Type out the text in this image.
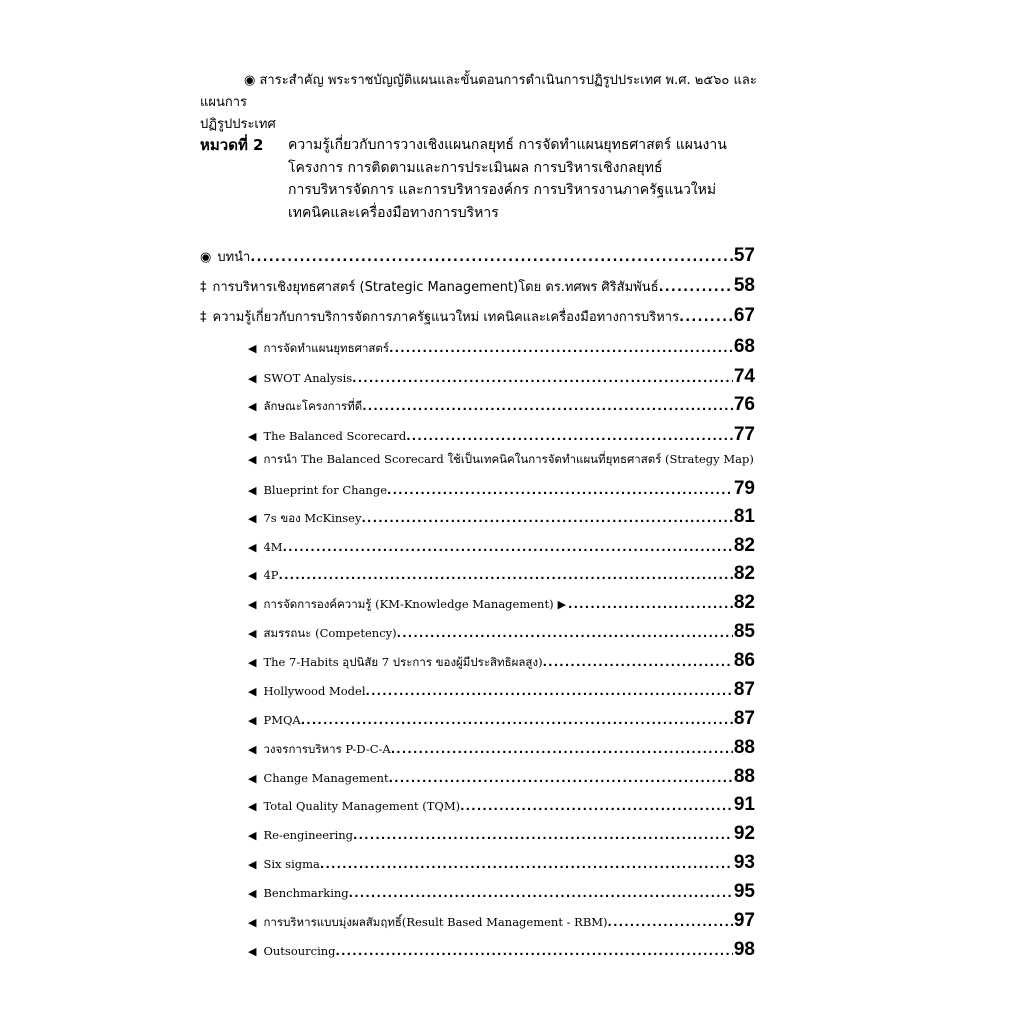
◉ สาระสำคัญ พระราชบัญญัติแผนและขั้นตอนการดำเนินการปฏิรูปประเทศ พ.ศ. ๒๕๖๐ และแผนการ
ปฏิรูปประเทศ
หมวดที่ 2 ความรู้เกี่ยวกับการวางเชิงแผนกลยุทธ์ การจัดทำแผนยุทธศาสตร์ แผนงาน
โครงการ การติดตามและการประเมินผล การบริหารเชิงกลยุทธ์
การบริหารจัดการ และการบริหารองค์กร การบริหารงานภาครัฐแนวใหม่
เทคนิคและเครื่องมือทางการบริหาร
◉ บทนำ .....	57
‡ การบริหารเชิงยุทธศาสตร์ (Strategic Management)โดย ดร.ทศพร ศิริสัมพันธ์ .....	58
‡ ความรู้เกี่ยวกับการบริการจัดการภาครัฐแนวใหม่ เทคนิคและเครื่องมือทางการบริหาร .....	67
◀ การจัดทำแผนยุทธศาสตร์ .....	68
◀ SWOT Analysis .....	74
◀ ลักษณะโครงการที่ดี .....	76
◀ The Balanced Scorecard .....	77
◀ การนำ The Balanced Scorecard ใช้เป็นเทคนิคในการจัดทำแผนที่ยุทธศาสตร์ (Strategy Map)
◀ Blueprint for Change .....	79
◀ 7s ของ McKinsey .....	81
◀ 4M .....	82
◀ 4P .....	82
◀ การจัดการองค์ความรู้ (KM-Knowledge Management) ▶ .....	82
◀ สมรรถนะ (Competency) .....	85
◀ The 7-Habits อุปนิสัย 7 ประการ ของผู้มีประสิทธิผลสูง) .....	86
◀ Hollywood Model .....	87
◀ PMQA .....	87
◀ วงจรการบริหาร P-D-C-A .....	88
◀ Change Management .....	88
◀ Total Quality Management (TQM) .....	91
◀ Re-engineering .....	92
◀ Six sigma .....	93
◀ Benchmarking .....	95
◀ การบริหารแบบมุ่งผลสัมฤทธิ์(Result Based Management - RBM) .....	97
◀ Outsourcing .....	98
